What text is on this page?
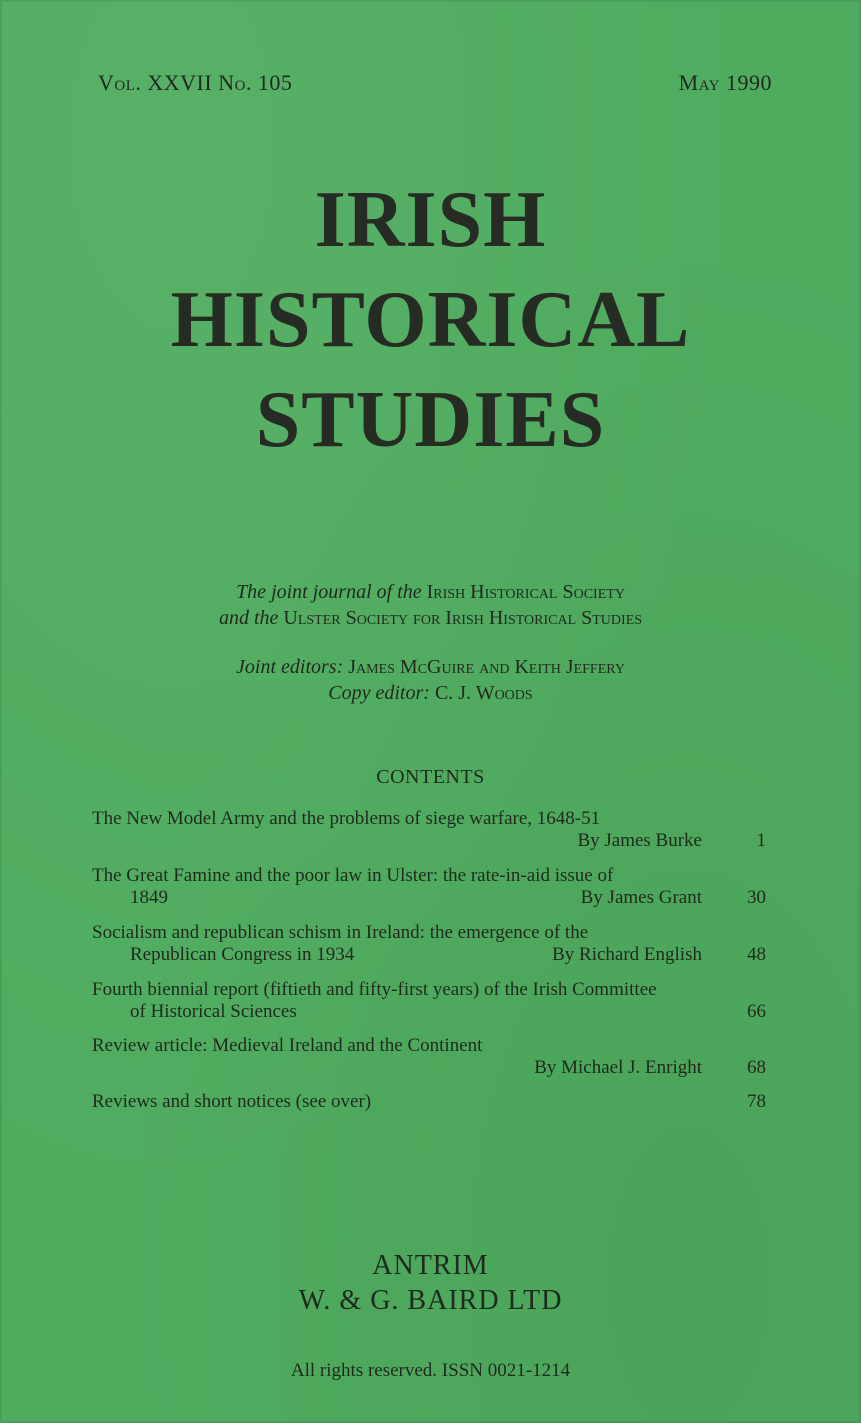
Vol. XXVII No. 105	May 1990
IRISH
HISTORICAL
STUDIES
The joint journal of the Irish Historical Society
and the Ulster Society for Irish Historical Studies
Joint editors: James McGuire and Keith Jeffery
Copy editor: C. J. Woods
CONTENTS
The New Model Army and the problems of siege warfare, 1648-51
By James Burke	1

The Great Famine and the poor law in Ulster: the rate-in-aid issue of
1849	By James Grant	30
Socialism and republican schism in Ireland: the emergence of the
Republican Congress in 1934	By Richard English	48
Fourth biennial report (fiftieth and fifty-first years) of the Irish Committee
of Historical Sciences	66
Review article: Medieval Ireland and the Continent
By Michael J. Enright	68

Reviews and short notices (see over)	78
ANTRIM
W. & G. BAIRD LTD
All rights reserved. ISSN 0021-1214
